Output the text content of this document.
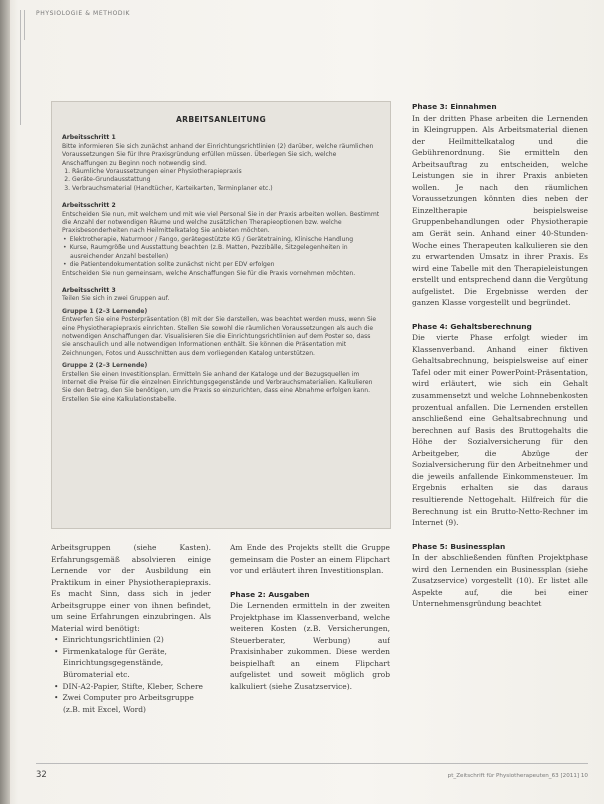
PHYSIOLOGIE & METHODIK
ARBEITSANLEITUNG
Arbeitsschritt 1

Bitte informieren Sie sich zunächst anhand der Einrichtungsrichtlinien (2) darüber, welche räumlichen Voraussetzungen Sie für Ihre Praxisgründung erfüllen müssen. Überlegen Sie sich, welche Anschaffungen zu Beginn noch notwendig sind.

1. Räumliche Voraussetzungen einer Physiotherapiepraxis
2. Geräte-Grundausstattung
3. Verbrauchsmaterial (Handtücher, Karteikarten, Terminplaner etc.)
Arbeitsschritt 2

Entscheiden Sie nun, mit welchem und mit wie viel Personal Sie in der Praxis arbeiten wollen. Bestimmt die Anzahl der notwendigen Räume und welche zusätzlichen Therapieoptionen bzw. welche Praxisbesonderheiten nach Heilmittelkatalog Sie anbieten möchten.

• Elektrotherapie, Naturmoor / Fango, gerätegestützte KG / Gerätetraining, Klinische Handlung
• Kurse, Raumgröße und Ausstattung beachten (z.B. Matten, Pezzibälle, Sitzgelegenheiten in ausreichender Anzahl bestellen)
• die Patientendokumentation sollte zunächst nicht per EDV erfolgen

Entscheiden Sie nun gemeinsam, welche Anschaffungen Sie für die Praxis vornehmen möchten.

Arbeitsschritt 3

Teilen Sie sich in zwei Gruppen auf.

Gruppe 1 (2–3 Lernende)

Entwerfen Sie eine Posterpräsentation (8) mit der Sie darstellen, was beachtet werden muss, wenn Sie eine Physiotherapiepraxis einrichten. Stellen Sie sowohl die räumlichen Voraussetzungen als auch die notwendigen Anschaffungen dar. Visualisieren Sie die Einrichtungsrichtlinien auf dem Poster so, dass sie anschaulich und alle notwendigen Informationen enthält. Sie können die Präsentation mit Zeichnungen, Fotos und Ausschnitten aus dem vorliegenden Katalog unterstützen.

Gruppe 2 (2–3 Lernende)

Erstellen Sie einen Investitionsplan. Ermitteln Sie anhand der Kataloge und der Bezugsquellen im Internet die Preise für die einzelnen Einrichtungsgegenstände und Verbrauchsmaterialien. Kalkulieren Sie den Betrag, den Sie benötigen, um die Praxis so einzurichten, dass eine Abnahme erfolgen kann. Erstellen Sie eine Kalkulationstabelle.

Arbeitsgruppen (siehe Kasten). Erfahrungsgemäß absolvieren einige Lernende vor der Ausbildung ein Praktikum in einer Physiotherapiepraxis. Es macht Sinn, dass sich in jeder Arbeitsgruppe einer von ihnen befindet, um seine Erfahrungen einzubringen. Als Material wird benötigt:

• Einrichtungsrichtlinien (2)
• Firmenkataloge für Geräte, Einrichtungsgegenstände, Büromaterial etc.
• DIN-A2-Papier, Stifte, Kleber, Schere
• Zwei Computer pro Arbeitsgruppe (z.B. mit Excel, Word)

Am Ende des Projekts stellt die Gruppe gemeinsam die Poster an einem Flipchart vor und erläutert ihren Investitionsplan.

Phase 2: Ausgaben

Die Lernenden ermitteln in der zweiten Projektphase im Klassenverband, welche weiteren Kosten (z.B. Versicherungen, Steuerberater, Werbung) auf Praxisinhaber zukommen. Diese werden beispielhaft an einem Flipchart aufgelistet und soweit möglich grob kalkuliert (siehe Zusatzservice).

Phase 3: Einnahmen

In der dritten Phase arbeiten die Lernenden in Kleingruppen. Als Arbeitsmaterial dienen der Heilmittelkatalog und die Gebührenordnung. Sie ermitteln den Arbeitsauftrag zu entscheiden, welche Leistungen sie in ihrer Praxis anbieten wollen. Je nach den räumlichen Voraussetzungen könnten dies neben der Einzeltherapie beispielsweise Gruppenbehandlungen oder Physiotherapie am Gerät sein. Anhand einer 40-Stunden-Woche eines Therapeuten kalkulieren sie den zu erwartenden Umsatz in ihrer Praxis. Es wird eine Tabelle mit den Therapieleistungen erstellt und entsprechend dann die Vergütung aufgelistet. Die Ergebnisse werden der ganzen Klasse vorgestellt und begründet.

Phase 4: Gehaltsberechnung

Die vierte Phase erfolgt wieder im Klassenverband. Anhand einer fiktiven Gehaltsabrechnung, beispielsweise auf einer Tafel oder mit einer PowerPoint-Präsentation, wird erläutert, wie sich ein Gehalt zusammensetzt und welche Lohnnebenkosten prozentual anfallen. Die Lernenden erstellen anschließend eine Gehaltsabrechnung und berechnen auf Basis des Bruttogehalts die Höhe der Sozialversicherung für den Arbeitgeber, die Abzüge der Sozialversicherung für den Arbeitnehmer und die jeweils anfallende Einkommensteuer. Im Ergebnis erhalten sie das daraus resultierende Nettogehalt. Hilfreich für die Berechnung ist ein Brutto-Netto-Rechner im Internet (9).

Phase 5: Businessplan

In der abschließenden fünften Projektphase wird den Lernenden ein Businessplan (siehe Zusatzservice) vorgestellt (10). Er listet alle Aspekte auf, die bei einer Unternehmensgründung beachtet

32	pt_Zeitschrift für Physiotherapeuten_63 [2011] 10
